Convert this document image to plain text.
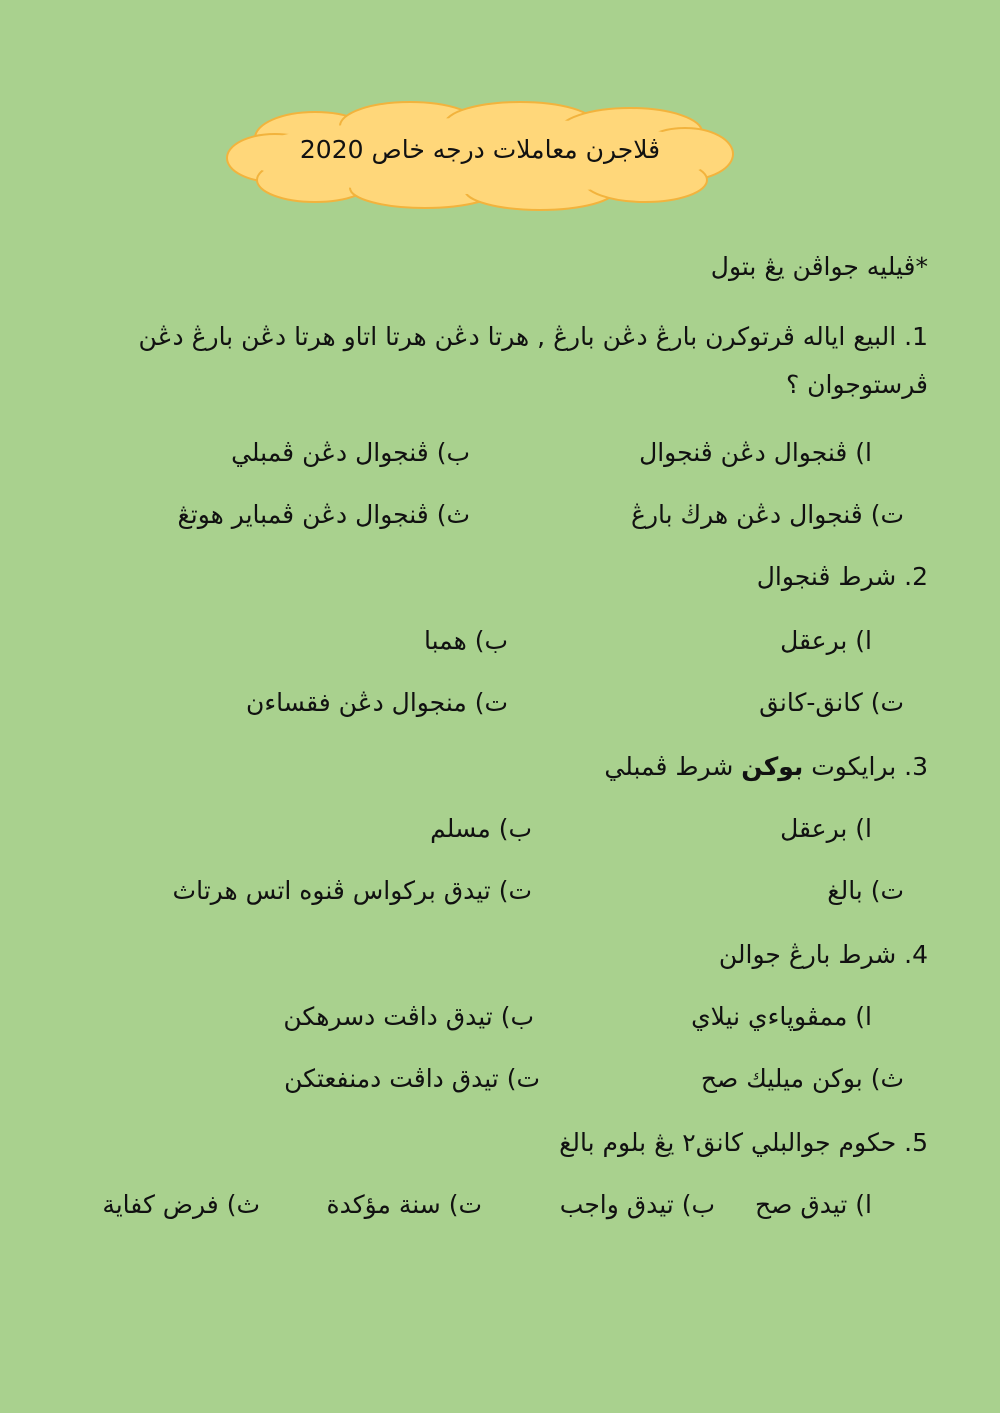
ڤلاجرن معاملات درجه خاص 2020
*ڤيليه جواڤن يڠ بتول
1. البيع اياله ڤرتوكرن بارڠ دڠن بارڠ , هرتا دڠن هرتا اتاو هرتا دڠن بارڠ دڠن ڤرستوجوان ؟
ا) ڤنجوال دڠن ڤنجوال
ب) ڤنجوال دڠن ڤمبلي
ت) ڤنجوال دڠن هرڬ بارڠ
ث) ڤنجوال دڠن ڤمباير هوتڠ
2. شرط ڤنجوال
ا) برعقل
ب) همبا
ت) كانق-كانق
ت) منجوال دڠن فقساءن
3. برايكوت بوكن شرط ڤمبلي
ا) برعقل
ب) مسلم
ت) بالغ
ت) تيدق بركواس ڤنوه اتس هرتاث
4. شرط بارڠ جوالن
ا) ممڤوڽاءي نيلاي
ب) تيدق داڤت دسرهكن
ث) بوكن ميليك صح
ت) تيدق داڤت دمنفعتكن
5. حكوم جوالبلي كانق٢ يڠ بلوم بالغ
ا) تيدق صح
ب) تيدق واجب
ت) سنة مؤكدة
ث) فرض كفاية
